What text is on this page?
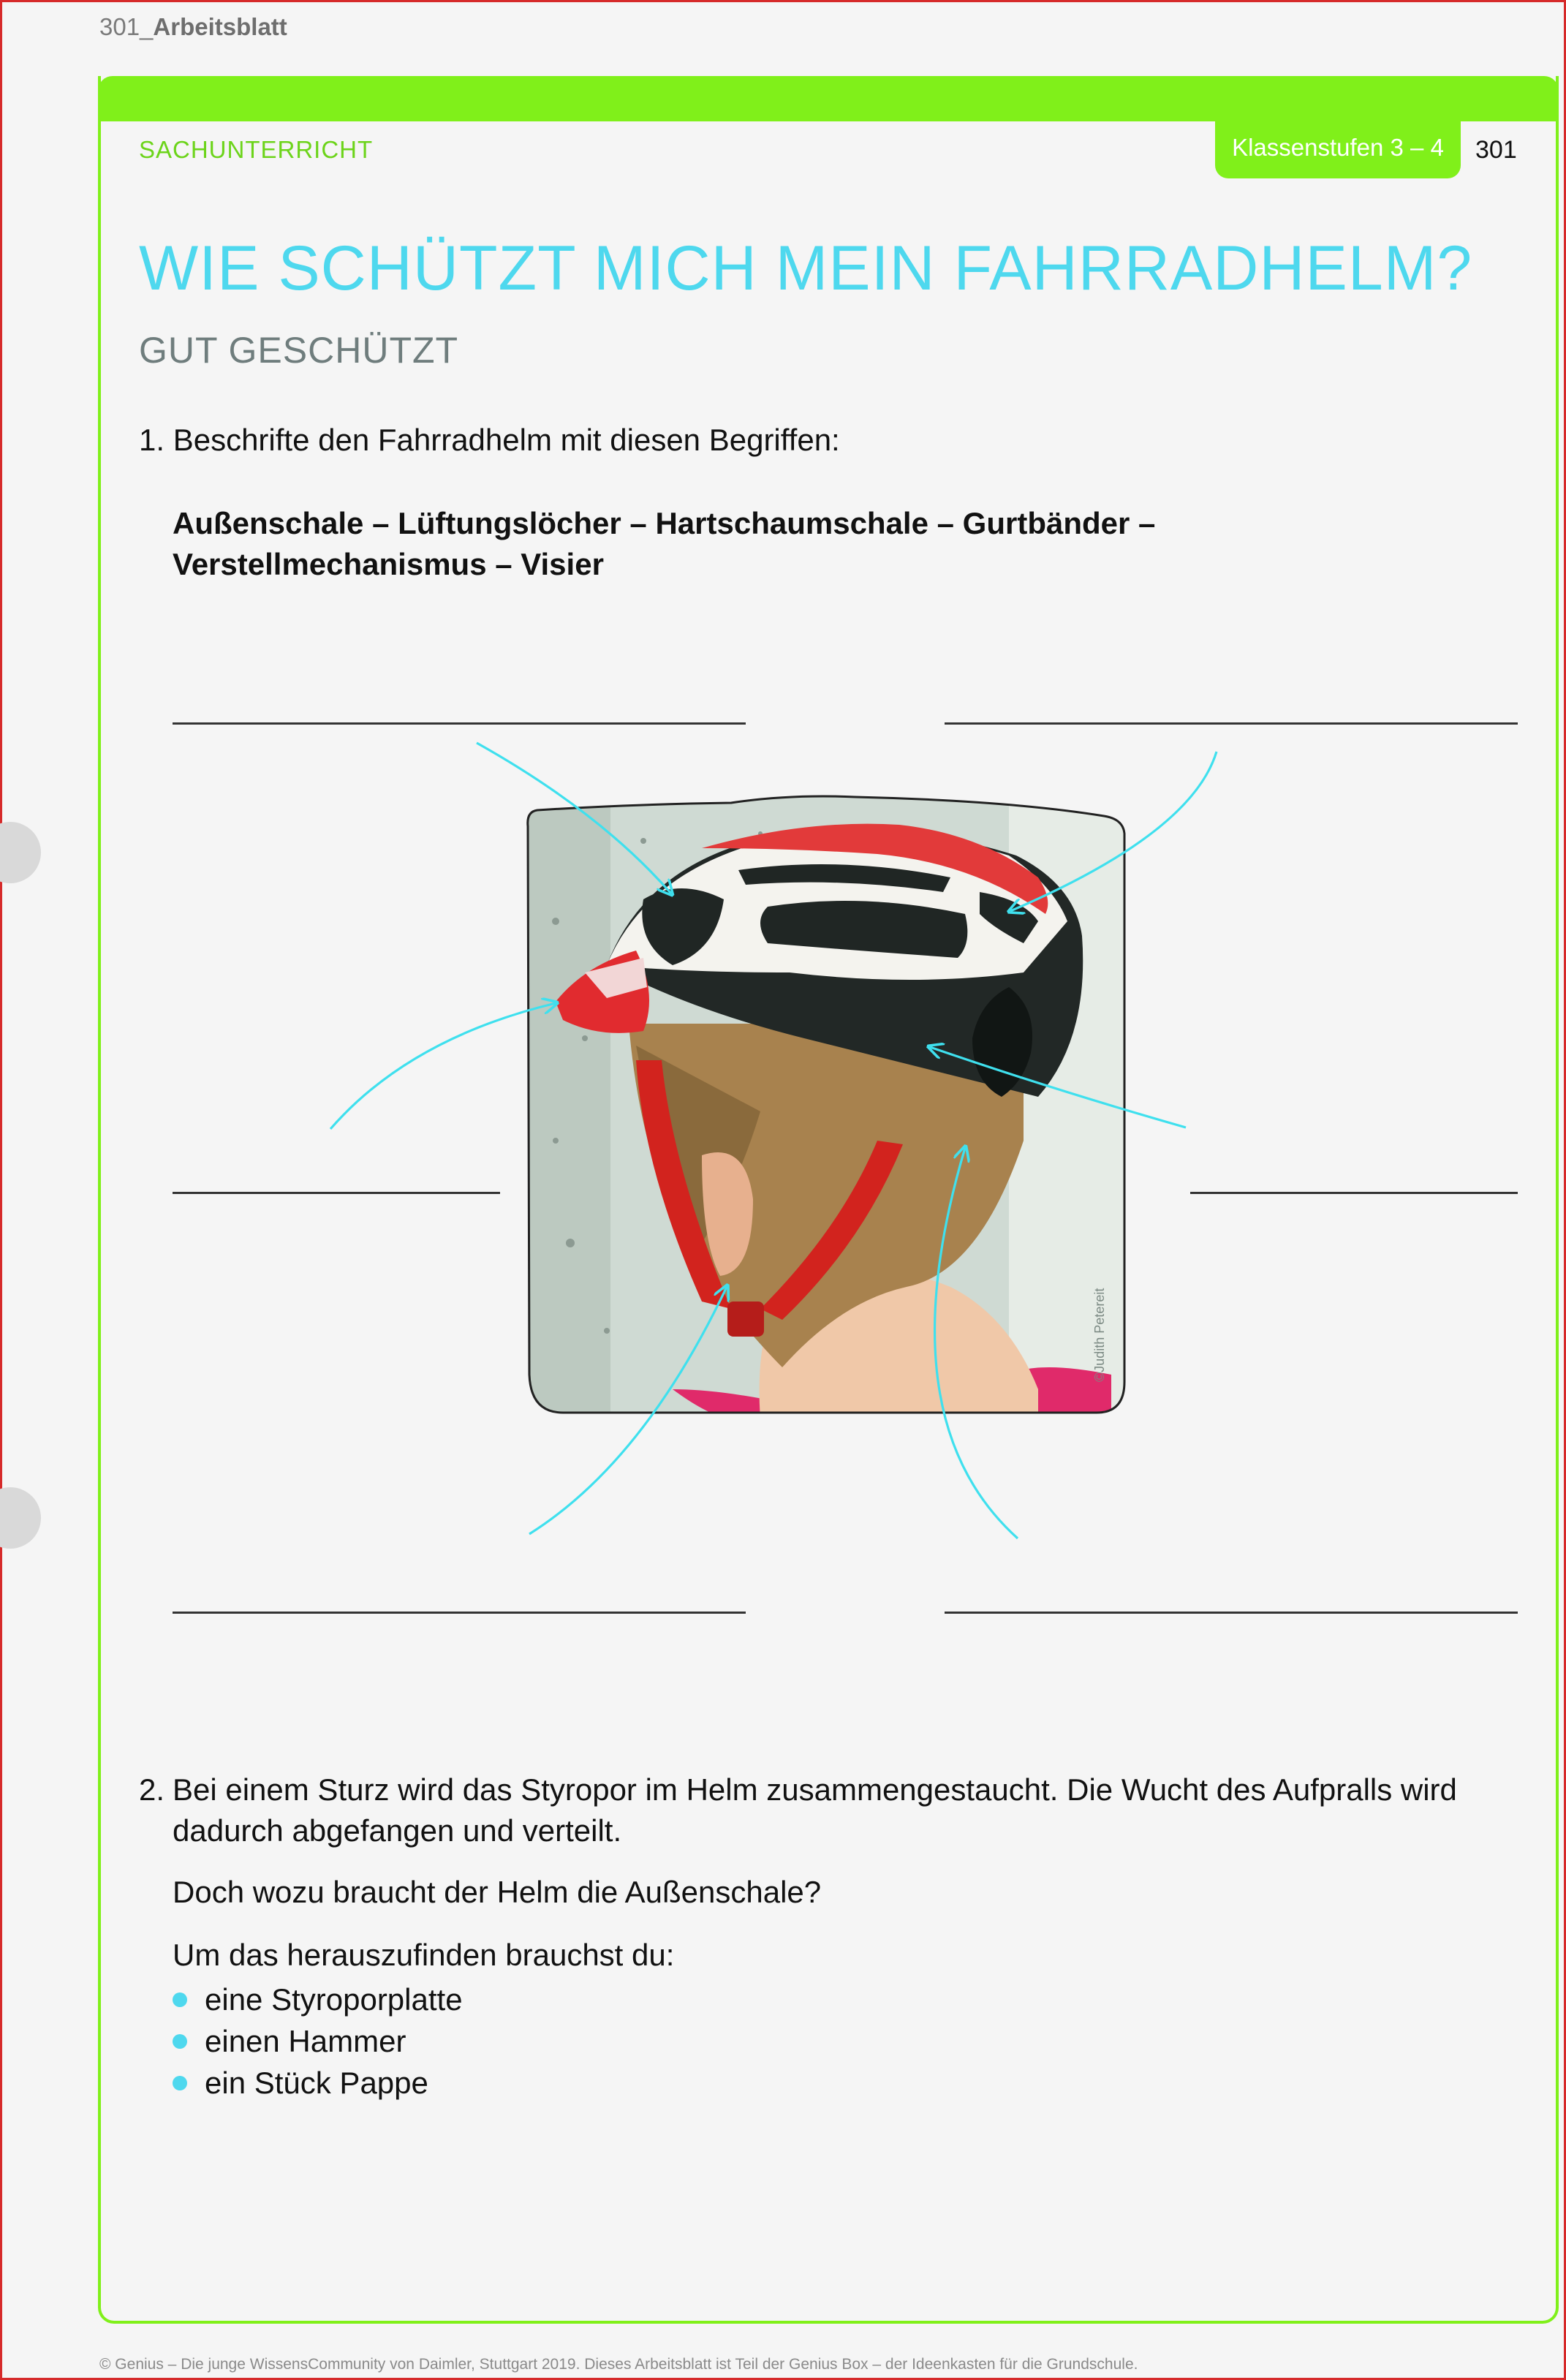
301_Arbeitsblatt
SACHUNTERRICHT	Klassenstufen 3 – 4	301
WIE SCHÜTZT MICH MEIN FAHRRADHELM?
GUT GESCHÜTZT
1. Beschrifte den Fahrradhelm mit diesen Begriffen:
Außenschale – Lüftungslöcher – Hartschaumschale – Gurtbänder –
Verstellmechanismus – Visier
©Judith Petereit
2. Bei einem Sturz wird das Styropor im Helm zusammengestaucht. Die Wucht des Aufpralls wird dadurch abgefangen und verteilt.
Doch wozu braucht der Helm die Außenschale?
Um das herauszufinden brauchst du:
eine Styroporplatte
einen Hammer
ein Stück Pappe
© Genius – Die junge WissensCommunity von Daimler, Stuttgart 2019. Dieses Arbeitsblatt ist Teil der Genius Box – der Ideenkasten für die Grundschule.
